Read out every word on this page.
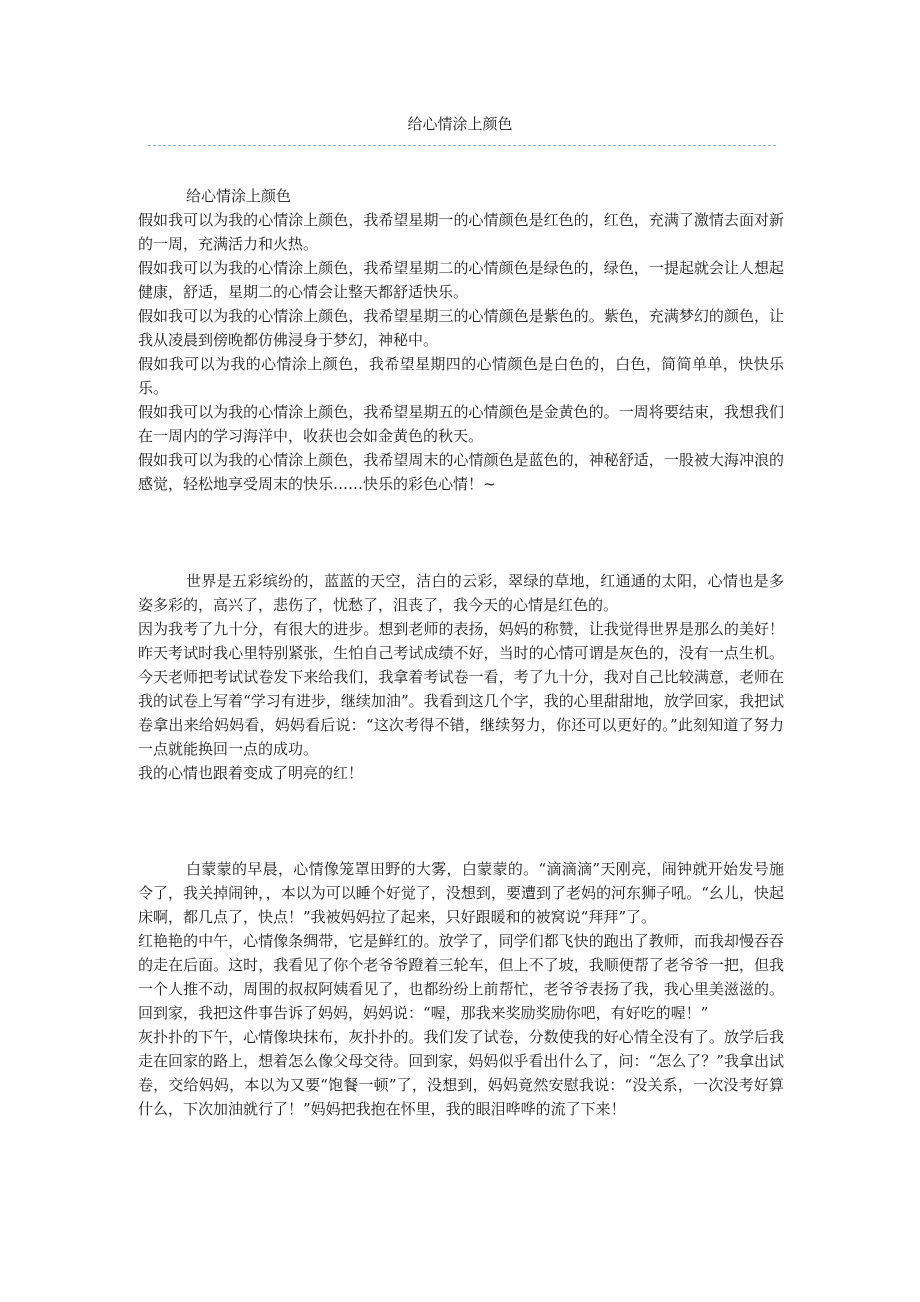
给心情涂上颜色

给心情涂上颜色

假如我可以为我的心情涂上颜色，我希望星期一的心情颜色是红色的，红色，充满了激情去面对新的一周，充满活力和火热。

假如我可以为我的心情涂上颜色，我希望星期二的心情颜色是绿色的，绿色，一提起就会让人想起健康，舒适，星期二的心情会让整天都舒适快乐。

假如我可以为我的心情涂上颜色，我希望星期三的心情颜色是紫色的。紫色，充满梦幻的颜色，让我从凌晨到傍晚都仿佛浸身于梦幻，神秘中。

假如我可以为我的心情涂上颜色，我希望星期四的心情颜色是白色的，白色，简简单单，快快乐乐。

假如我可以为我的心情涂上颜色，我希望星期五的心情颜色是金黄色的。一周将要结束，我想我们在一周内的学习海洋中，收获也会如金黄色的秋天。

假如我可以为我的心情涂上颜色，我希望周末的心情颜色是蓝色的，神秘舒适，一股被大海冲浪的感觉，轻松地享受周末的快乐……快乐的彩色心情！~

世界是五彩缤纷的，蓝蓝的天空，洁白的云彩，翠绿的草地，红通通的太阳，心情也是多姿多彩的，高兴了，悲伤了，忧愁了，沮丧了，我今天的心情是红色的。

因为我考了九十分，有很大的进步。想到老师的表扬，妈妈的称赞，让我觉得世界是那么的美好！昨天考试时我心里特别紧张，生怕自己考试成绩不好，当时的心情可谓是灰色的，没有一点生机。今天老师把考试试卷发下来给我们，我拿着考试卷一看，考了九十分，我对自己比较满意，老师在我的试卷上写着“学习有进步，继续加油”。我看到这几个字，我的心里甜甜地，放学回家，我把试卷拿出来给妈妈看，妈妈看后说：“这次考得不错，继续努力，你还可以更好的。”此刻知道了努力一点就能换回一点的成功。

我的心情也跟着变成了明亮的红！

白蒙蒙的早晨，心情像笼罩田野的大雾，白蒙蒙的。“滴滴滴”天刚亮，闹钟就开始发号施令了，我关掉闹钟，，本以为可以睡个好觉了，没想到，要遭到了老妈的河东狮子吼。“幺儿，快起床啊，都几点了，快点！”我被妈妈拉了起来，只好跟暖和的被窝说“拜拜”了。

红艳艳的中午，心情像条绸带，它是鲜红的。放学了，同学们都飞快的跑出了教师，而我却慢吞吞的走在后面。这时，我看见了你个老爷爷蹬着三轮车，但上不了坡，我顺便帮了老爷爷一把，但我一个人推不动，周围的叔叔阿姨看见了，也都纷纷上前帮忙，老爷爷表扬了我，我心里美滋滋的。回到家，我把这件事告诉了妈妈，妈妈说：“喔，那我来奖励奖励你吧，有好吃的喔！”

灰扑扑的下午，心情像块抹布，灰扑扑的。我们发了试卷，分数使我的好心情全没有了。放学后我走在回家的路上，想着怎么像父母交待。回到家，妈妈似乎看出什么了，问：“怎么了？”我拿出试卷，交给妈妈，本以为又要“饱餐一顿”了，没想到，妈妈竟然安慰我说：“没关系，一次没考好算什么，下次加油就行了！”妈妈把我抱在怀里，我的眼泪哗哗的流了下来！
